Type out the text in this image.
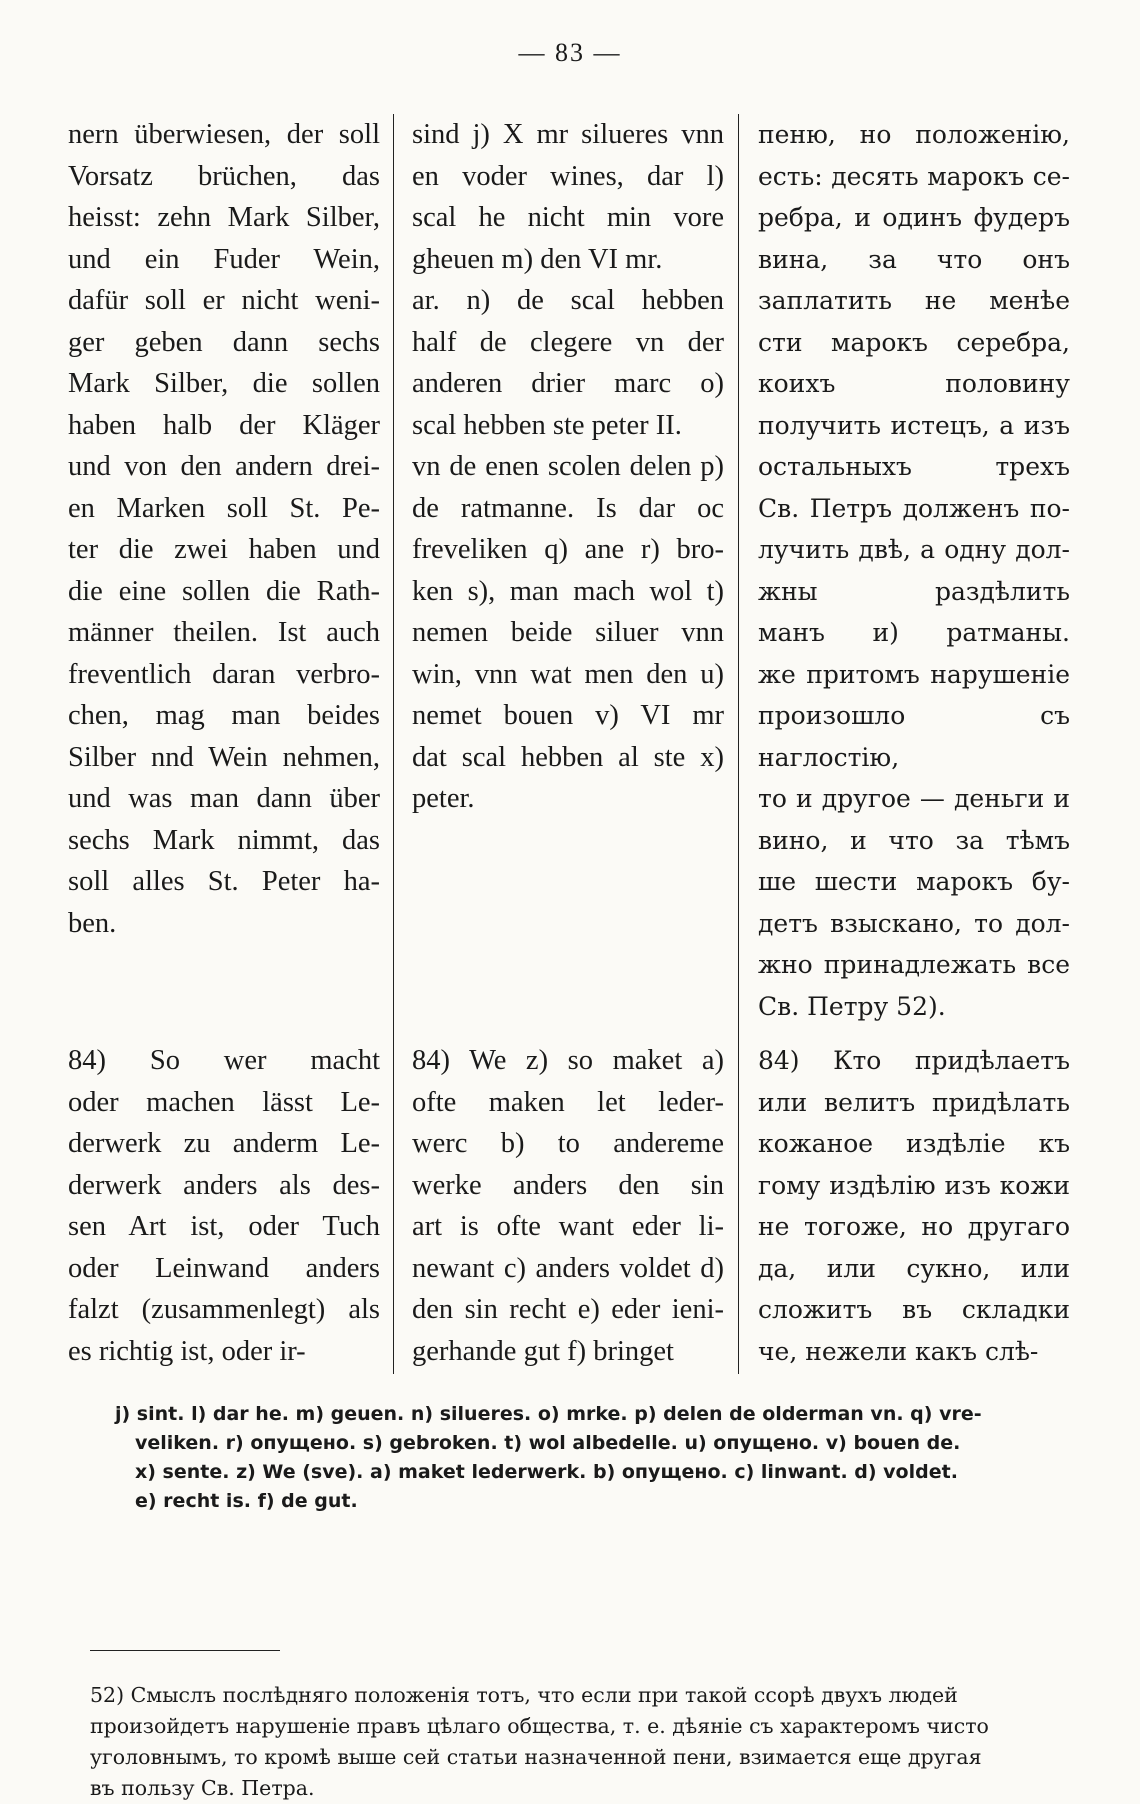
— 83 —
nern überwiesen, der soll
Vorsatz brüchen, das
heisst: zehn Mark Silber,
und ein Fuder Wein,
dafür soll er nicht weni-
ger geben dann sechs
Mark Silber, die sollen
haben halb der Kläger
und von den andern drei-
en Marken soll St. Pe-
ter die zwei haben und
die eine sollen die Rath-
männer theilen. Ist auch
freventlich daran verbro-
chen, mag man beides
Silber nnd Wein nehmen,
und was man dann über
sechs Mark nimmt, das
soll alles St. Peter ha-
ben.
84) So wer macht
oder machen lässt Le-
derwerk zu anderm Le-
derwerk anders als des-
sen Art ist, oder Tuch
oder Leinwand anders
falzt (zusammenlegt) als
es richtig ist, oder ir-
sind j) X mr silueres vnn
en voder wines, dar l)
scal he nicht min vore
gheuen m) den VI mr.
ar. n) de scal hebben
half de clegere vn der
anderen drier marc o)
scal hebben ste peter II.
vn de enen scolen delen p)
de ratmanne. Is dar oc
freveliken q) ane r) bro-
ken s), man mach wol t)
nemen beide siluer vnn
win, vnn wat men den u)
nemet bouen v) VI mr
dat scal hebben al ste x)
peter.
84) We z) so maket a)
ofte maken let leder-
werc b) to andereme
werke anders den sin
art is ofte want eder li-
newant c) anders voldet d)
den sin recht e) eder ieni-
gerhande gut f) bringet
пеню, но положенію,
есть: десять марокъ се-
ребра, и одинъ фудеръ
вина, за что онъ
заплатить не менѣе
сти марокъ серебра,
коихъ половину
получить истецъ, а изъ
остальныхъ трехъ
Св. Петръ долженъ по-
лучить двѣ, а одну дол-
жны раздѣлить
манъ и) ратманы.
же притомъ нарушеніе
произошло съ
наглостію,
то и другое — деньги и
вино, и что за тѣмъ
ше шести марокъ бу-
детъ взыскано, то дол-
жно принадлежать все
Св. Петру 52).
84) Кто придѣлаетъ
или велитъ придѣлать
кожаное издѣліе къ
гому издѣлію изъ кожи
не тогоже, но другаго
да, или сукно, или
сложитъ въ складки
че, нежели какъ слѣ-
j) sint. l) dar he. m) geuen. n) silueres. o) mrke. p) delen de olderman vn. q) vre-
veliken. r) опущено. s) gebroken. t) wol albedelle. u) опущено. v) bouen de.
x) sente. z) We (sve). a) maket lederwerk. b) опущено. c) linwant. d) voldet.
e) recht is. f) de gut.
52) Смыслъ послѣдняго положенія тотъ, что если при такой ссорѣ двухъ людей
произойдетъ нарушеніе правъ цѣлаго общества, т. е. дѣяніе съ характеромъ чисто
уголовнымъ, то кромѣ выше сей статьи назначенной пени, взимается еще другая
въ пользу Св. Петра.
